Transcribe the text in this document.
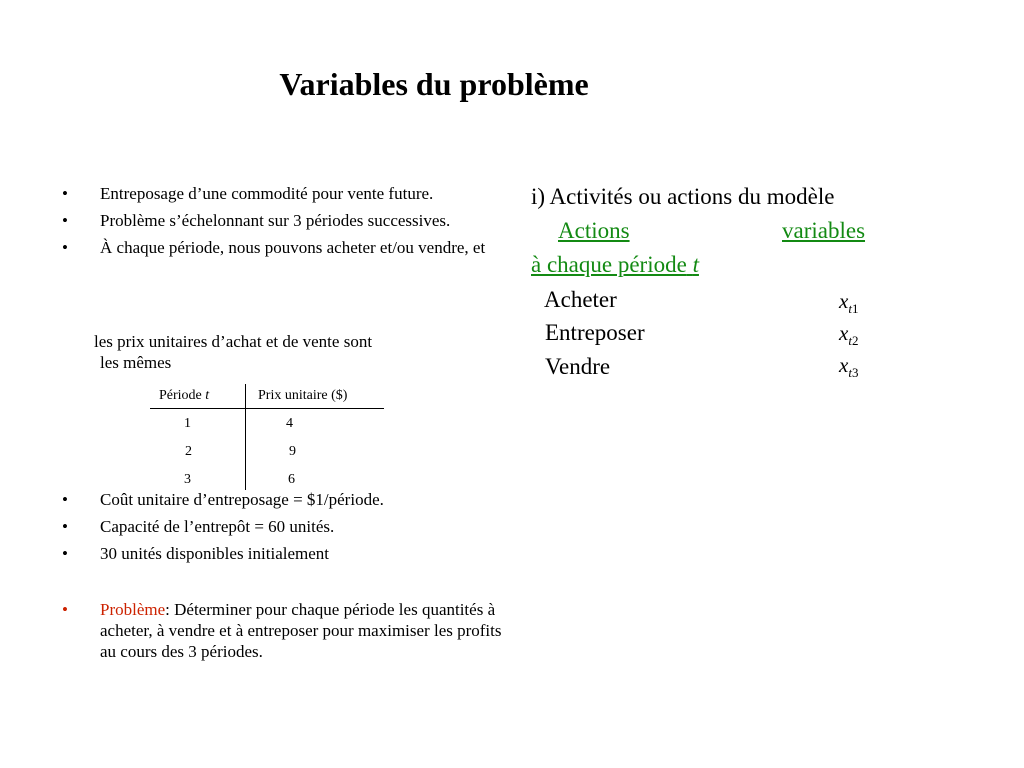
Variables du problème
• Entreposage d’une commodité pour vente future.
• Problème s’échelonnant sur 3 périodes successives.
• À chaque période, nous pouvons acheter et/ou vendre, et
les prix unitaires d’achat et de vente sont
les mêmes
Période t	Prix unitaire ($)
1	4
2	9
3	6
• Coût unitaire d’entreposage = $1/période.
• Capacité de l’entrepôt = 60 unités.
• 30 unités disponibles initialement
• Problème: Déterminer pour chaque période les quantités à acheter, à vendre et à entreposer pour maximiser les profits au cours des 3 périodes.
i) Activités ou actions du modèle
Actions	variables
à chaque période t
Acheter	$x_{t1}$
Entreposer	$x_{t2}$
Vendre	$x_{t3}$
